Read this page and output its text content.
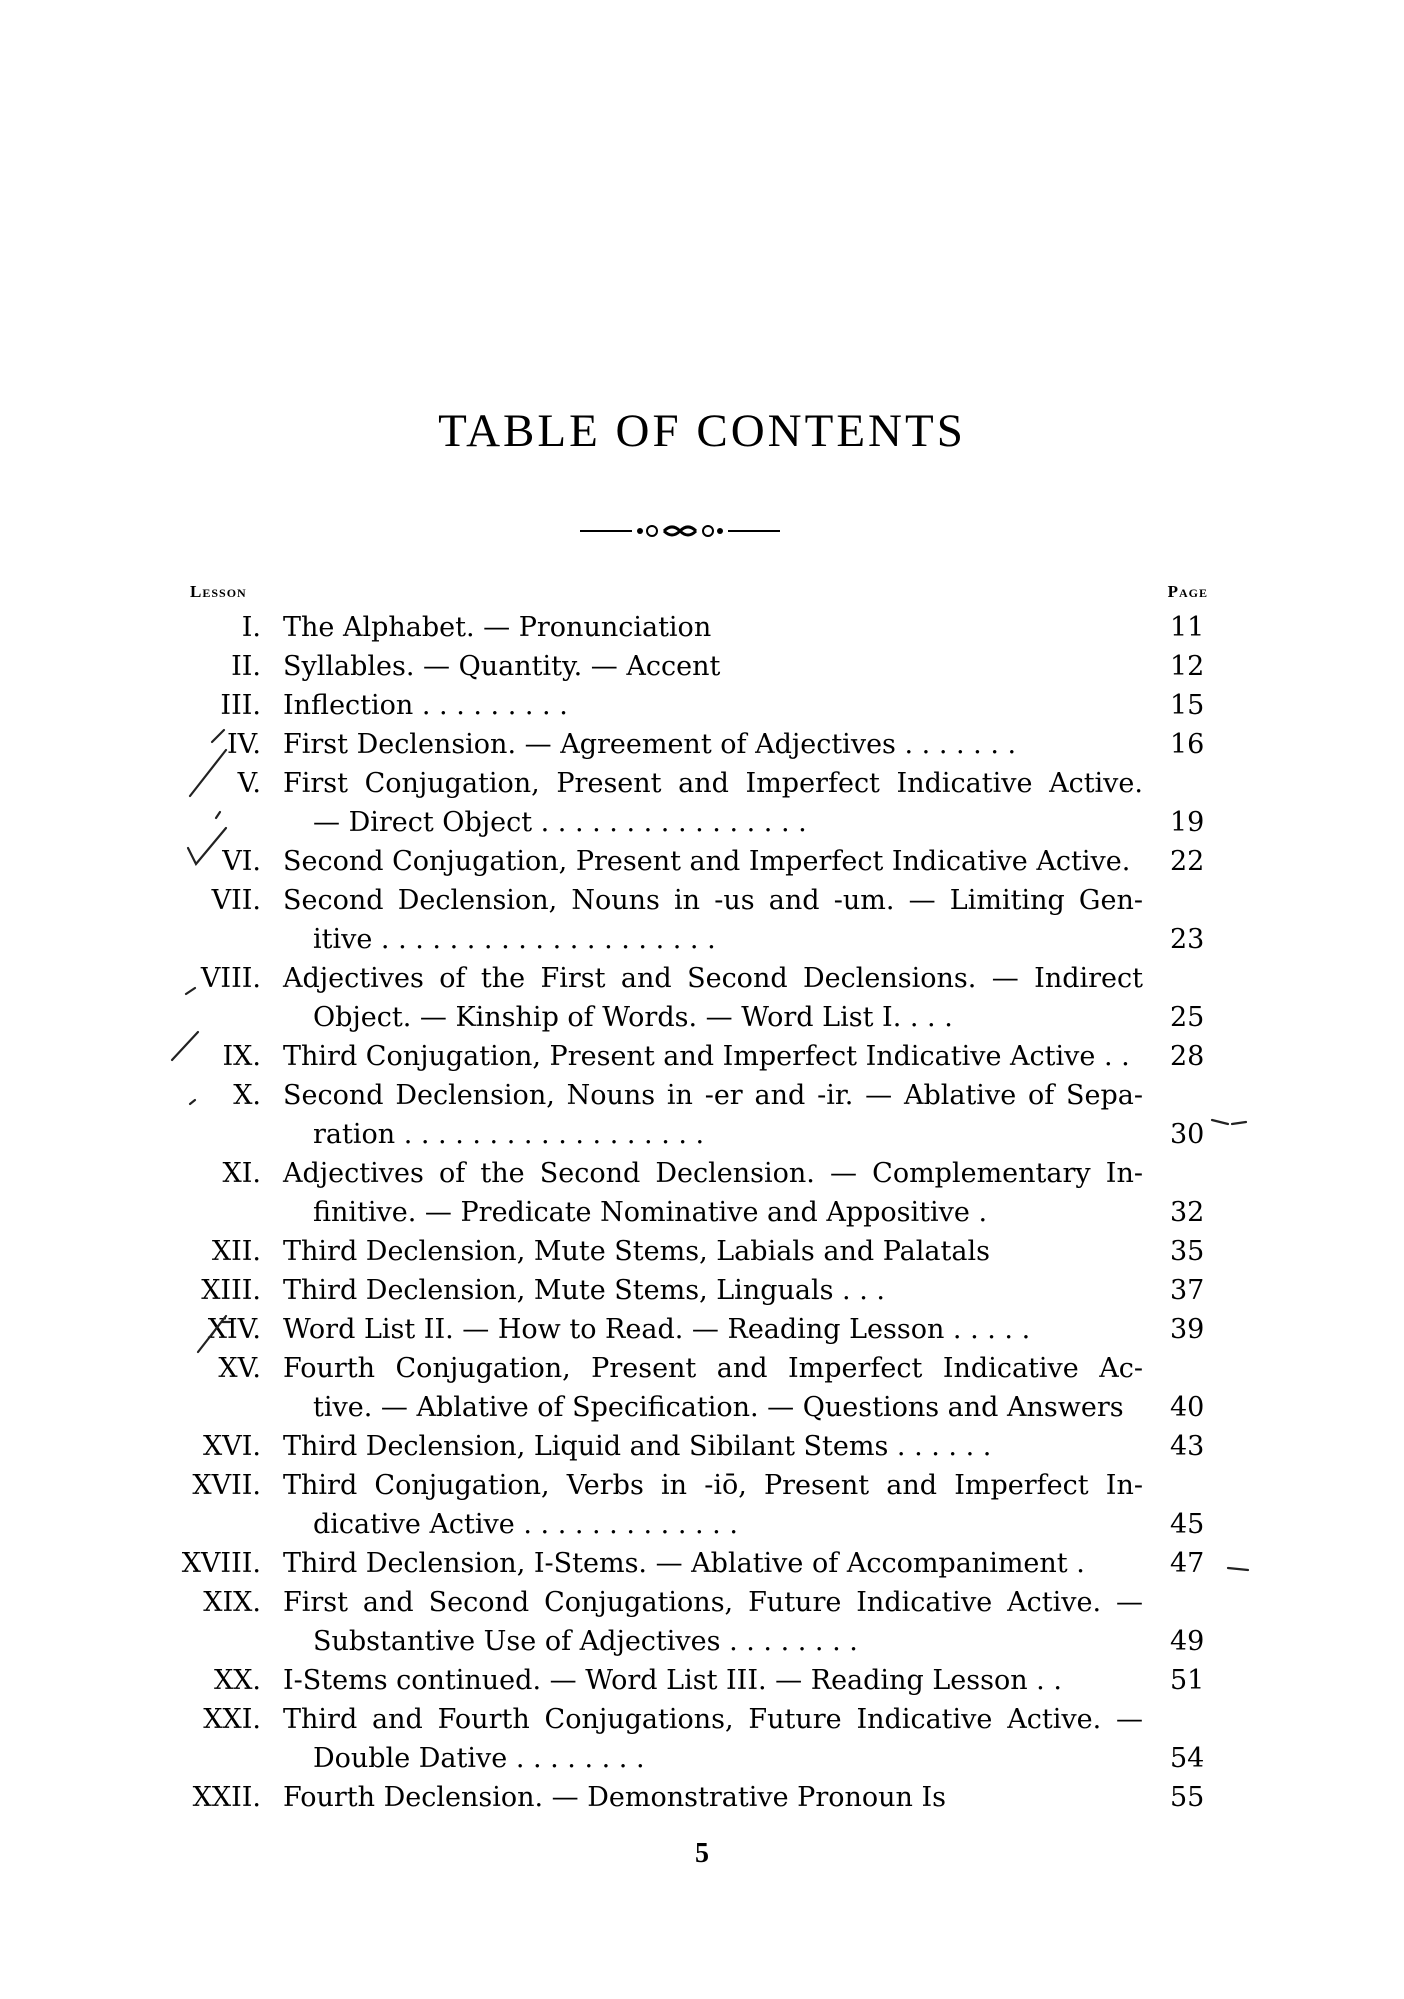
TABLE OF CONTENTS
Lesson	Page
I. The Alphabet. — Pronunciation	11
II. Syllables. — Quantity. — Accent	12
III. Inflection . . . . . . . . .	15
IV. First Declension. — Agreement of Adjectives . . . . . . .	16
V. First Conjugation, Present and Imperfect Indicative Active.
— Direct Object . . . . . . . . . . . . . . . .	19
VI. Second Conjugation, Present and Imperfect Indicative Active. 22
VII. Second Declension, Nouns in -us and -um. — Limiting Gen-
itive . . . . . . . . . . . . . . . . . . . .	23
VIII. Adjectives of the First and Second Declensions. — Indirect
Object. — Kinship of Words. — Word List I. . . .	25
IX. Third Conjugation, Present and Imperfect Indicative Active . . 28
X. Second Declension, Nouns in -er and -ir. — Ablative of Sepa-
ration . . . . . . . . . . . . . . . . . .	30
XI. Adjectives of the Second Declension. — Complementary In-
finitive. — Predicate Nominative and Appositive .	32
XII. Third Declension, Mute Stems, Labials and Palatals	35
XIII. Third Declension, Mute Stems, Linguals . . .	37
XIV. Word List II. — How to Read. — Reading Lesson . . . . .	39
XV. Fourth Conjugation, Present and Imperfect Indicative Ac-
tive. — Ablative of Specification. — Questions and Answers 40
XVI. Third Declension, Liquid and Sibilant Stems . . . . . .	43
XVII. Third Conjugation, Verbs in -iō, Present and Imperfect In-
dicative Active . . . . . . . . . . . . .	45
XVIII. Third Declension, I-Stems. — Ablative of Accompaniment .	47
XIX. First and Second Conjugations, Future Indicative Active. —
Substantive Use of Adjectives . . . . . . . .	49
XX. I-Stems continued. — Word List III. — Reading Lesson . .	51
XXI. Third and Fourth Conjugations, Future Indicative Active. —
Double Dative . . . . . . . .	54
XXII. Fourth Declension. — Demonstrative Pronoun Is	55
5
